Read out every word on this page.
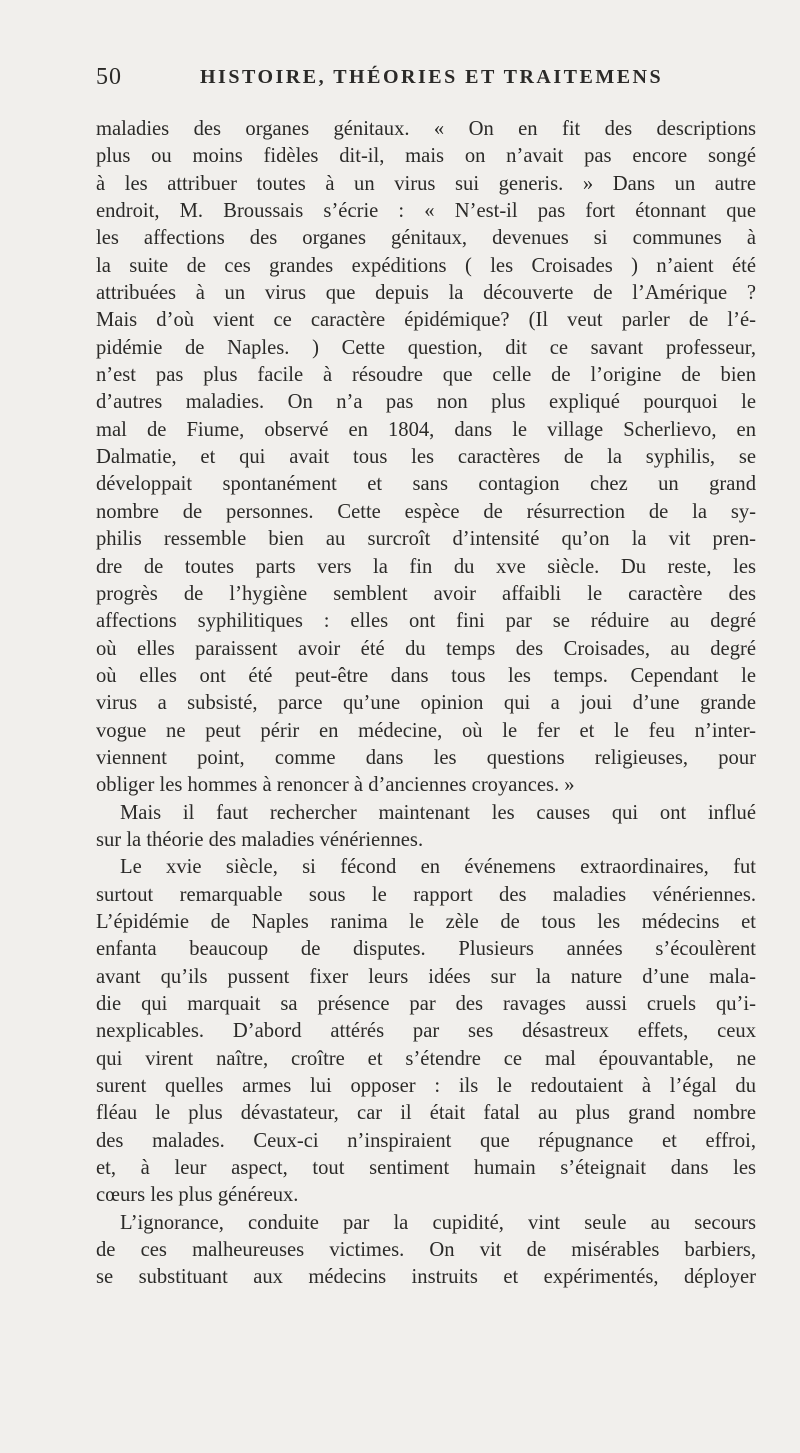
50	HISTOIRE, THÉORIES ET TRAITEMENS
maladies des organes génitaux. « On en fit des descriptions
plus ou moins fidèles dit-il, mais on n’avait pas encore songé
à les attribuer toutes à un virus sui generis. » Dans un autre
endroit, M. Broussais s’écrie : « N’est-il pas fort étonnant que
les affections des organes génitaux, devenues si communes à
la suite de ces grandes expéditions ( les Croisades ) n’aient été
attribuées à un virus que depuis la découverte de l’Amérique ?
Mais d’où vient ce caractère épidémique? (Il veut parler de l’é-
pidémie de Naples. ) Cette question, dit ce savant professeur,
n’est pas plus facile à résoudre que celle de l’origine de bien
d’autres maladies. On n’a pas non plus expliqué pourquoi le
mal de Fiume, observé en 1804, dans le village Scherlievo, en
Dalmatie, et qui avait tous les caractères de la syphilis, se
développait spontanément et sans contagion chez un grand
nombre de personnes. Cette espèce de résurrection de la sy-
philis ressemble bien au surcroît d’intensité qu’on la vit pren-
dre de toutes parts vers la fin du xve siècle. Du reste, les
progrès de l’hygiène semblent avoir affaibli le caractère des
affections syphilitiques : elles ont fini par se réduire au degré
où elles paraissent avoir été du temps des Croisades, au degré
où elles ont été peut-être dans tous les temps. Cependant le
virus a subsisté, parce qu’une opinion qui a joui d’une grande
vogue ne peut périr en médecine, où le fer et le feu n’inter-
viennent point, comme dans les questions religieuses, pour
obliger les hommes à renoncer à d’anciennes croyances. »
Mais il faut rechercher maintenant les causes qui ont influé
sur la théorie des maladies vénériennes.
Le xvie siècle, si fécond en événemens extraordinaires, fut
surtout remarquable sous le rapport des maladies vénériennes.
L’épidémie de Naples ranima le zèle de tous les médecins et
enfanta beaucoup de disputes. Plusieurs années s’écoulèrent
avant qu’ils pussent fixer leurs idées sur la nature d’une mala-
die qui marquait sa présence par des ravages aussi cruels qu’i-
nexplicables. D’abord attérés par ses désastreux effets, ceux
qui virent naître, croître et s’étendre ce mal épouvantable, ne
surent quelles armes lui opposer : ils le redoutaient à l’égal du
fléau le plus dévastateur, car il était fatal au plus grand nombre
des malades. Ceux-ci n’inspiraient que répugnance et effroi,
et, à leur aspect, tout sentiment humain s’éteignait dans les
cœurs les plus généreux.
L’ignorance, conduite par la cupidité, vint seule au secours
de ces malheureuses victimes. On vit de misérables barbiers,
se substituant aux médecins instruits et expérimentés, déployer
